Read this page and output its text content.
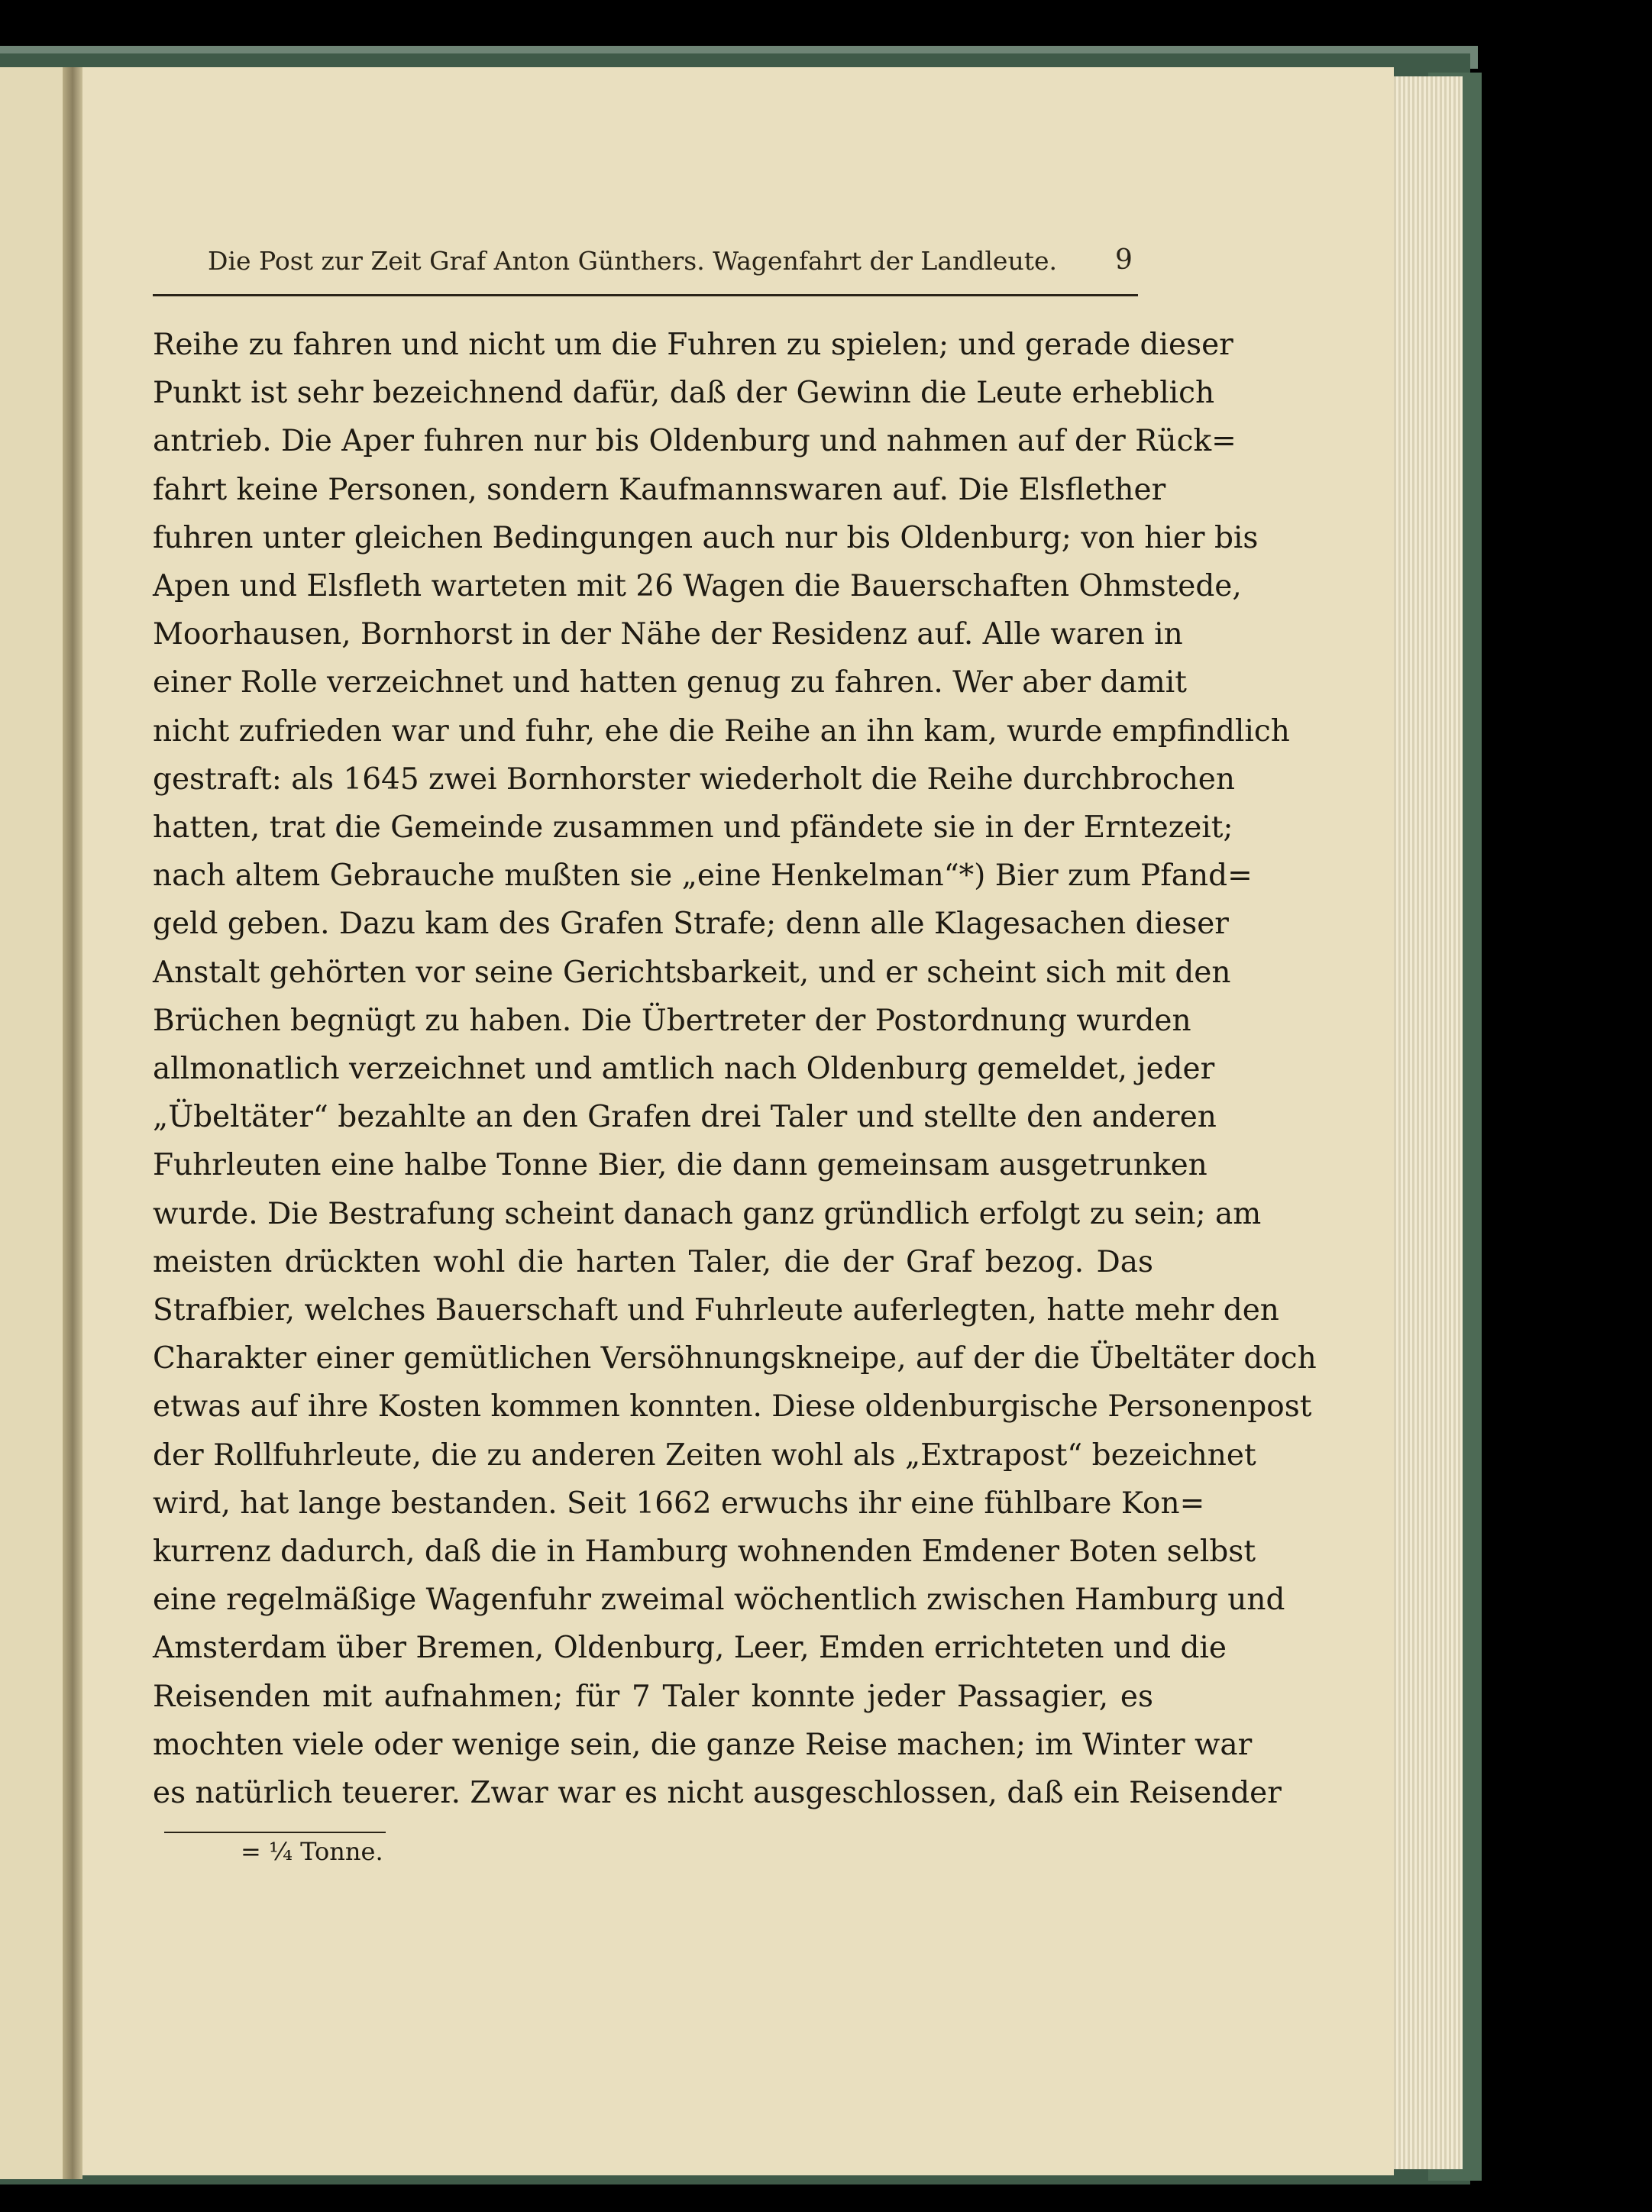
Die Post zur Zeit Graf Anton Günthers. Wagenfahrt der Landleute.	9
Reihe zu fahren und nicht um die Fuhren zu spielen; und gerade dieser
Punkt ist sehr bezeichnend dafür, daß der Gewinn die Leute erheblich
antrieb. Die Aper fuhren nur bis Oldenburg und nahmen auf der Rück=
fahrt keine Personen, sondern Kaufmannswaren auf. Die Elsflether
fuhren unter gleichen Bedingungen auch nur bis Oldenburg; von hier bis
Apen und Elsfleth warteten mit 26 Wagen die Bauerschaften Ohmstede,
Moorhausen, Bornhorst in der Nähe der Residenz auf. Alle waren in
einer Rolle verzeichnet und hatten genug zu fahren. Wer aber damit
nicht zufrieden war und fuhr, ehe die Reihe an ihn kam, wurde empfindlich
gestraft: als 1645 zwei Bornhorster wiederholt die Reihe durchbrochen
hatten, trat die Gemeinde zusammen und pfändete sie in der Erntezeit;
nach altem Gebrauche mußten sie „eine Henkelman“*) Bier zum Pfand=
geld geben. Dazu kam des Grafen Strafe; denn alle Klagesachen dieser
Anstalt gehörten vor seine Gerichtsbarkeit, und er scheint sich mit den
Brüchen begnügt zu haben. Die Übertreter der Postordnung wurden
allmonatlich verzeichnet und amtlich nach Oldenburg gemeldet, jeder
„Übeltäter“ bezahlte an den Grafen drei Taler und stellte den anderen
Fuhrleuten eine halbe Tonne Bier, die dann gemeinsam ausgetrunken
wurde. Die Bestrafung scheint danach ganz gründlich erfolgt zu sein; am
meisten drückten wohl die harten Taler, die der Graf bezog. Das
Strafbier, welches Bauerschaft und Fuhrleute auferlegten, hatte mehr den
Charakter einer gemütlichen Versöhnungskneipe, auf der die Übeltäter doch
etwas auf ihre Kosten kommen konnten. Diese oldenburgische Personenpost
der Rollfuhrleute, die zu anderen Zeiten wohl als „Extrapost“ bezeichnet
wird, hat lange bestanden. Seit 1662 erwuchs ihr eine fühlbare Kon=
kurrenz dadurch, daß die in Hamburg wohnenden Emdener Boten selbst
eine regelmäßige Wagenfuhr zweimal wöchentlich zwischen Hamburg und
Amsterdam über Bremen, Oldenburg, Leer, Emden errichteten und die
Reisenden mit aufnahmen; für 7 Taler konnte jeder Passagier, es
mochten viele oder wenige sein, die ganze Reise machen; im Winter war
es natürlich teuerer. Zwar war es nicht ausgeschlossen, daß ein Reisender
= ¼ Tonne.
